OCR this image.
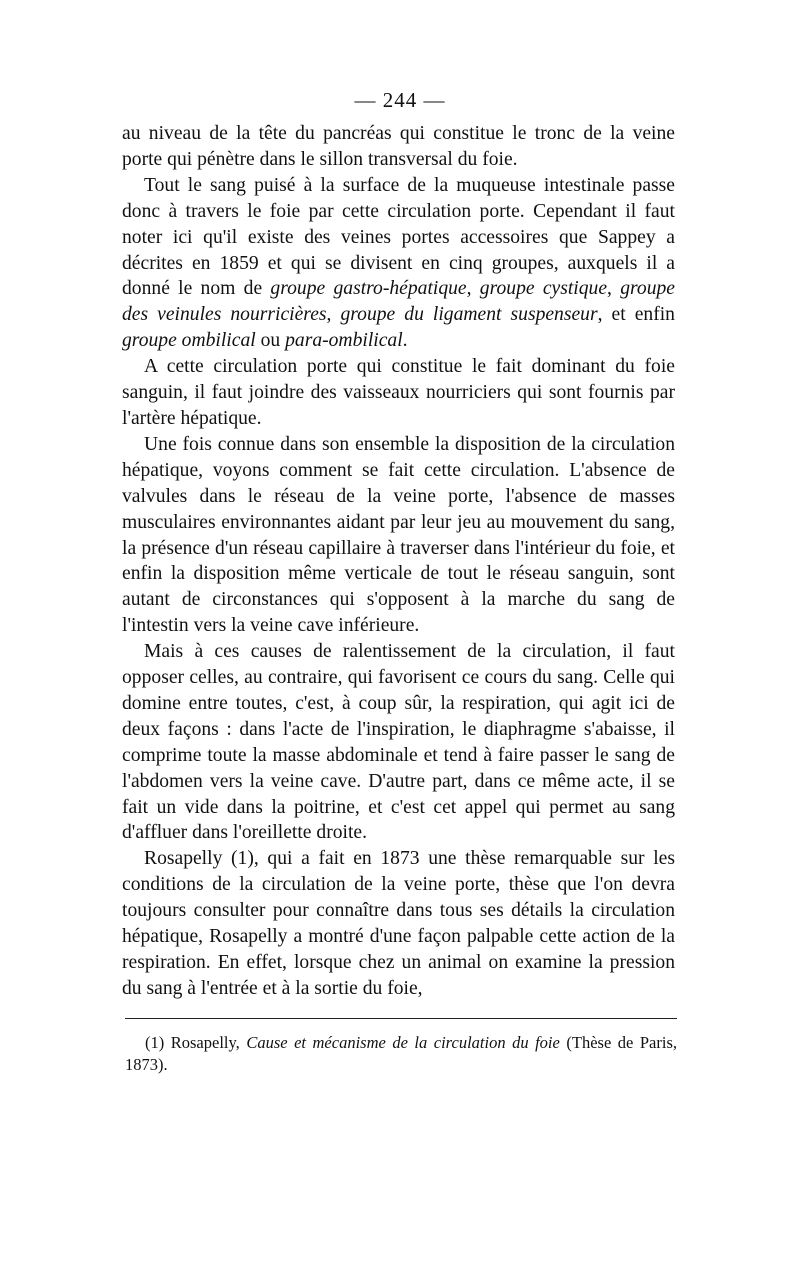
— 244 —

au niveau de la tête du pancréas qui constitue le tronc de la veine porte qui pénètre dans le sillon transversal du foie.

Tout le sang puisé à la surface de la muqueuse intestinale passe donc à travers le foie par cette circulation porte. Cependant il faut noter ici qu'il existe des veines portes accessoires que Sappey a décrites en 1859 et qui se divisent en cinq groupes, auxquels il a donné le nom de groupe gastro-hépatique, groupe cystique, groupe des veinules nourricières, groupe du ligament suspenseur, et enfin groupe ombilical ou para-ombilical.

A cette circulation porte qui constitue le fait dominant du foie sanguin, il faut joindre des vaisseaux nourriciers qui sont fournis par l'artère hépatique.

Une fois connue dans son ensemble la disposition de la circulation hépatique, voyons comment se fait cette circulation. L'absence de valvules dans le réseau de la veine porte, l'absence de masses musculaires environnantes aidant par leur jeu au mouvement du sang, la présence d'un réseau capillaire à traverser dans l'intérieur du foie, et enfin la disposition même verticale de tout le réseau sanguin, sont autant de circonstances qui s'opposent à la marche du sang de l'intestin vers la veine cave inférieure.

Mais à ces causes de ralentissement de la circulation, il faut opposer celles, au contraire, qui favorisent ce cours du sang. Celle qui domine entre toutes, c'est, à coup sûr, la respiration, qui agit ici de deux façons : dans l'acte de l'inspiration, le diaphragme s'abaisse, il comprime toute la masse abdominale et tend à faire passer le sang de l'abdomen vers la veine cave. D'autre part, dans ce même acte, il se fait un vide dans la poitrine, et c'est cet appel qui permet au sang d'affluer dans l'oreillette droite.

Rosapelly (1), qui a fait en 1873 une thèse remarquable sur les conditions de la circulation de la veine porte, thèse que l'on devra toujours consulter pour connaître dans tous ses détails la circulation hépatique, Rosapelly a montré d'une façon palpable cette action de la respiration. En effet, lorsque chez un animal on examine la pression du sang à l'entrée et à la sortie du foie,

(1) Rosapelly, Cause et mécanisme de la circulation du foie (Thèse de Paris, 1873).
